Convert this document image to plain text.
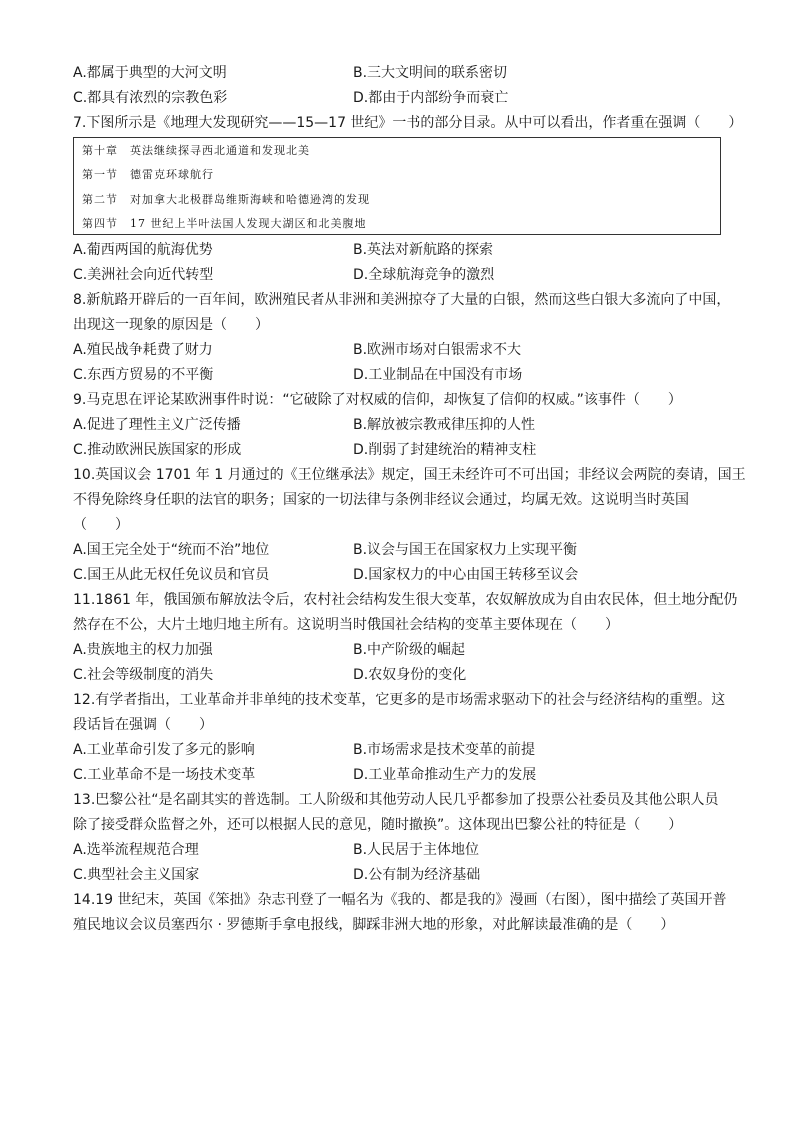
A.都属于典型的大河文明	B.三大文明间的联系密切
C.都具有浓烈的宗教色彩	D.都由于内部纷争而衰亡
7.下图所示是《地理大发现研究——15—17 世纪》一书的部分目录。从中可以看出，作者重在强调（　　）
第十章　英法继续探寻西北通道和发现北美
第一节　德雷克环球航行
第二节　对加拿大北极群岛维斯海峡和哈德逊湾的发现
第四节　17 世纪上半叶法国人发现大湖区和北美腹地
A.葡西两国的航海优势	B.英法对新航路的探索
C.美洲社会向近代转型	D.全球航海竞争的激烈
8.新航路开辟后的一百年间，欧洲殖民者从非洲和美洲掠夺了大量的白银，然而这些白银大多流向了中国，
出现这一现象的原因是（　　）
A.殖民战争耗费了财力	B.欧洲市场对白银需求不大
C.东西方贸易的不平衡	D.工业制品在中国没有市场
9.马克思在评论某欧洲事件时说：“它破除了对权威的信仰，却恢复了信仰的权威。”该事件（　　）
A.促进了理性主义广泛传播	B.解放被宗教戒律压抑的人性
C.推动欧洲民族国家的形成	D.削弱了封建统治的精神支柱
10.英国议会 1701 年 1 月通过的《王位继承法》规定，国王未经许可不可出国；非经议会两院的奏请，国王
不得免除终身任职的法官的职务；国家的一切法律与条例非经议会通过，均属无效。这说明当时英国
（　　）
A.国王完全处于“统而不治”地位	B.议会与国王在国家权力上实现平衡
C.国王从此无权任免议员和官员	D.国家权力的中心由国王转移至议会
11.1861 年，俄国颁布解放法令后，农村社会结构发生很大变革，农奴解放成为自由农民体，但土地分配仍
然存在不公，大片土地归地主所有。这说明当时俄国社会结构的变革主要体现在（　　）
A.贵族地主的权力加强	B.中产阶级的崛起
C.社会等级制度的消失	D.农奴身份的变化
12.有学者指出，工业革命并非单纯的技术变革，它更多的是市场需求驱动下的社会与经济结构的重塑。这
段话旨在强调（　　）
A.工业革命引发了多元的影响	B.市场需求是技术变革的前提
C.工业革命不是一场技术变革	D.工业革命推动生产力的发展
13.巴黎公社“是名副其实的普选制。工人阶级和其他劳动人民几乎都参加了投票公社委员及其他公职人员
除了接受群众监督之外，还可以根据人民的意见，随时撤换”。这体现出巴黎公社的特征是（　　）
A.选举流程规范合理	B.人民居于主体地位
C.典型社会主义国家	D.公有制为经济基础
14.19 世纪末，英国《笨拙》杂志刊登了一幅名为《我的、都是我的》漫画（右图），图中描绘了英国开普
殖民地议会议员塞西尔 · 罗德斯手拿电报线，脚踩非洲大地的形象，对此解读最准确的是（　　）
